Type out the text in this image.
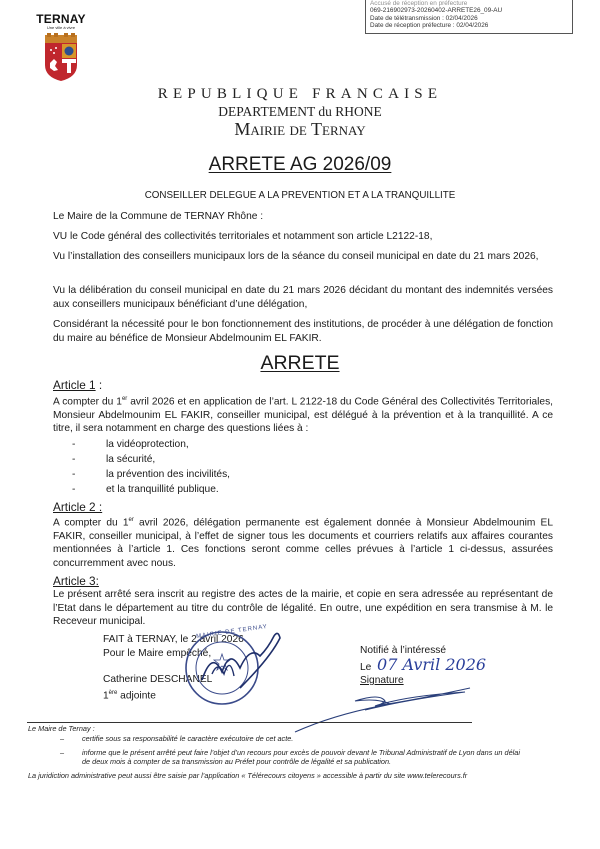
Accusé de réception en préfecture
069-216902973-20260402-ARRETE26_09-AU
Date de télétransmission : 02/04/2026
Date de réception préfecture : 02/04/2026
TERNAY
Une ville à vivre
REPUBLIQUE FRANCAISE
DEPARTEMENT du RHONE
Mairie de Ternay
ARRETE AG 2026/09
CONSEILLER DELEGUE A LA PREVENTION ET A LA TRANQUILLITE
Le Maire de la Commune de TERNAY Rhône :
VU le Code général des collectivités territoriales et notamment son article L2122-18,
Vu l’installation des conseillers municipaux lors de la séance du conseil municipal en date du 21 mars 2026,
Vu la délibération du conseil municipal en date du 21 mars 2026 décidant du montant des indemnités versées aux conseillers municipaux bénéficiant d’une délégation,
Considérant la nécessité pour le bon fonctionnement des institutions, de procéder à une délégation de fonction du maire au bénéfice de Monsieur Abdelmounim EL FAKIR.
ARRETE
Article 1 :
A compter du 1er avril 2026 et en application de l’art. L 2122-18 du Code Général des Collectivités Territoriales, Monsieur Abdelmounim EL FAKIR, conseiller municipal, est délégué à la prévention et à la tranquillité. A ce titre, il sera notamment en charge des questions liées à :
-	la vidéoprotection,
-	la sécurité,
-	la prévention des incivilités,
-	et la tranquillité publique.
Article 2 :
A compter du 1er avril 2026, délégation permanente est également donnée à Monsieur Abdelmounim EL FAKIR, conseiller municipal, à l’effet de signer tous les documents et courriers relatifs aux affaires courantes mentionnées à l’article 1. Ces fonctions seront comme celles prévues à l’article 1 ci-dessus, assurées concurremment avec nous.
Article 3:
Le présent arrêté sera inscrit au registre des actes de la mairie, et copie en sera adressée au représentant de l’Etat dans le département au titre du contrôle de légalité. En outre, une expédition en sera transmise à M. le Receveur municipal.
FAIT à TERNAY, le 2 avril 2026
Pour le Maire empêché,
Catherine DESCHANEL
1ère adjointe
MAIRIE DE TERNAY
Notifié à l’intéressé
Le 07 Avril 2026
Signature
Le Maire de Ternay :
– certifie sous sa responsabilité le caractère exécutoire de cet acte.
– informe que le présent arrêté peut faire l’objet d’un recours pour excès de pouvoir devant le Tribunal Administratif de Lyon dans un délai de deux mois à compter de sa transmission au Préfet pour contrôle de légalité et sa publication.
La juridiction administrative peut aussi être saisie par l’application « Télérecours citoyens » accessible à partir du site www.telerecours.fr
